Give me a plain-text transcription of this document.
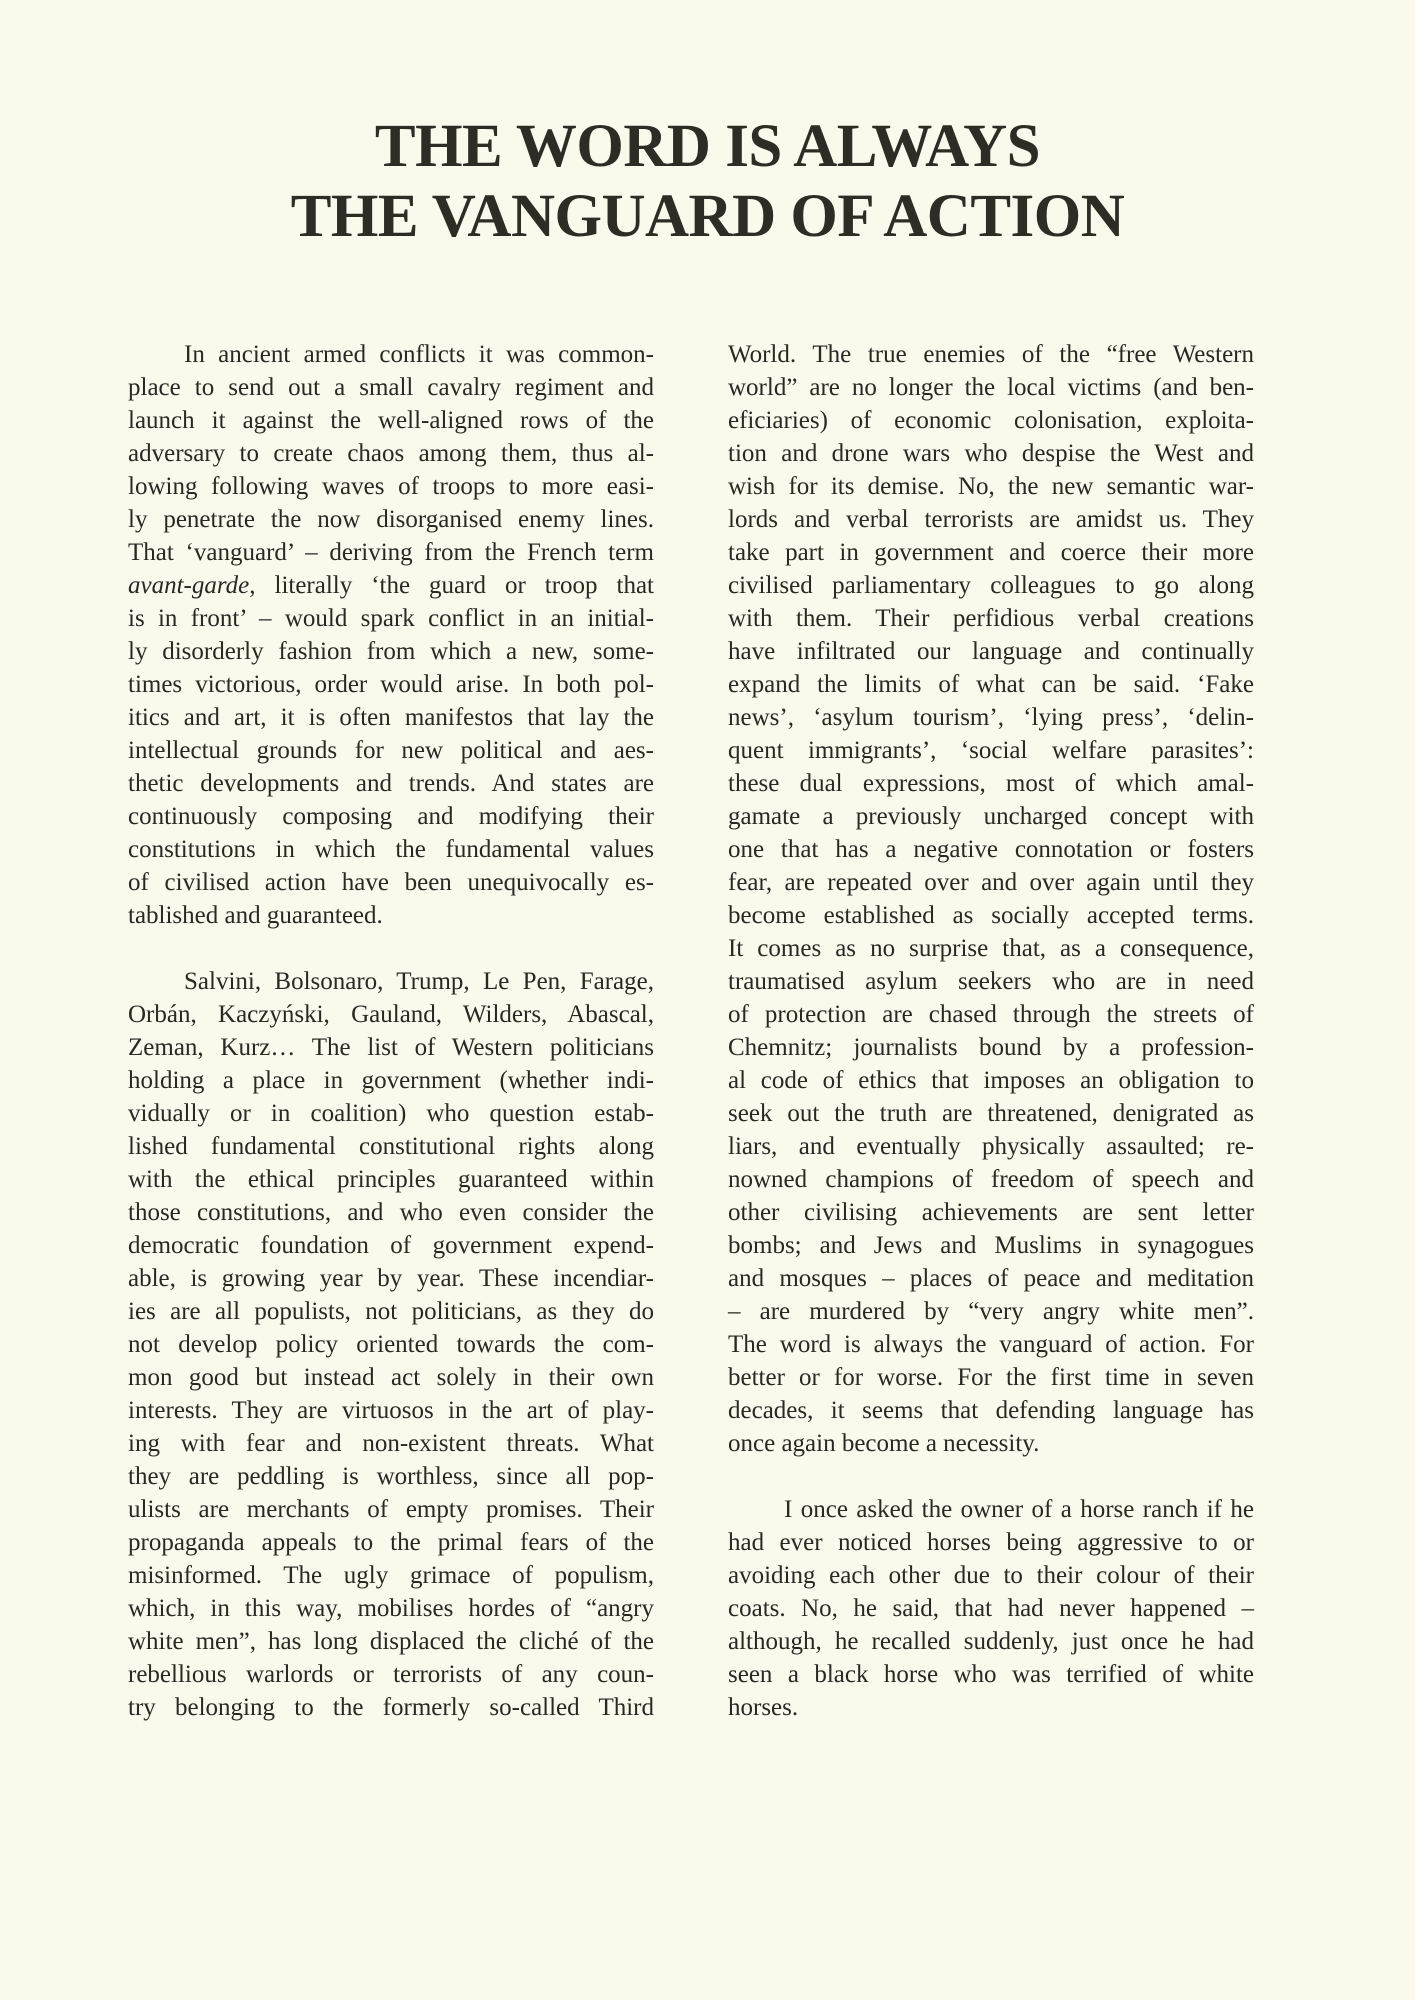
THE WORD IS ALWAYS
THE VANGUARD OF ACTION
In ancient armed conflicts it was common-
place to send out a small cavalry regiment and
launch it against the well-aligned rows of the
adversary to create chaos among them, thus al-
lowing following waves of troops to more easi-
ly penetrate the now disorganised enemy lines.
That ‘vanguard’ – deriving from the French term
avant-garde, literally ‘the guard or troop that
is in front’ – would spark conflict in an initial-
ly disorderly fashion from which a new, some-
times victorious, order would arise. In both pol-
itics and art, it is often manifestos that lay the
intellectual grounds for new political and aes-
thetic developments and trends. And states are
continuously composing and modifying their
constitutions in which the fundamental values
of civilised action have been unequivocally es-
tablished and guaranteed.
Salvini, Bolsonaro, Trump, Le Pen, Farage,
Orbán, Kaczyński, Gauland, Wilders, Abascal,
Zeman, Kurz… The list of Western politicians
holding a place in government (whether indi-
vidually or in coalition) who question estab-
lished fundamental constitutional rights along
with the ethical principles guaranteed within
those constitutions, and who even consider the
democratic foundation of government expend-
able, is growing year by year. These incendiar-
ies are all populists, not politicians, as they do
not develop policy oriented towards the com-
mon good but instead act solely in their own
interests. They are virtuosos in the art of play-
ing with fear and non-existent threats. What
they are peddling is worthless, since all pop-
ulists are merchants of empty promises. Their
propaganda appeals to the primal fears of the
misinformed. The ugly grimace of populism,
which, in this way, mobilises hordes of “angry
white men”, has long displaced the cliché of the
rebellious warlords or terrorists of any coun-
try belonging to the formerly so-called Third
World. The true enemies of the “free Western
world” are no longer the local victims (and ben-
eficiaries) of economic colonisation, exploita-
tion and drone wars who despise the West and
wish for its demise. No, the new semantic war-
lords and verbal terrorists are amidst us. They
take part in government and coerce their more
civilised parliamentary colleagues to go along
with them. Their perfidious verbal creations
have infiltrated our language and continually
expand the limits of what can be said. ‘Fake
news’, ‘asylum tourism’, ‘lying press’, ‘delin-
quent immigrants’, ‘social welfare parasites’:
these dual expressions, most of which amal-
gamate a previously uncharged concept with
one that has a negative connotation or fosters
fear, are repeated over and over again until they
become established as socially accepted terms.
It comes as no surprise that, as a consequence,
traumatised asylum seekers who are in need
of protection are chased through the streets of
Chemnitz; journalists bound by a profession-
al code of ethics that imposes an obligation to
seek out the truth are threatened, denigrated as
liars, and eventually physically assaulted; re-
nowned champions of freedom of speech and
other civilising achievements are sent letter
bombs; and Jews and Muslims in synagogues
and mosques – places of peace and meditation
– are murdered by “very angry white men”.
The word is always the vanguard of action. For
better or for worse. For the first time in seven
decades, it seems that defending language has
once again become a necessity.
I once asked the owner of a horse ranch if he
had ever noticed horses being aggressive to or
avoiding each other due to their colour of their
coats. No, he said, that had never happened –
although, he recalled suddenly, just once he had
seen a black horse who was terrified of white
horses.
